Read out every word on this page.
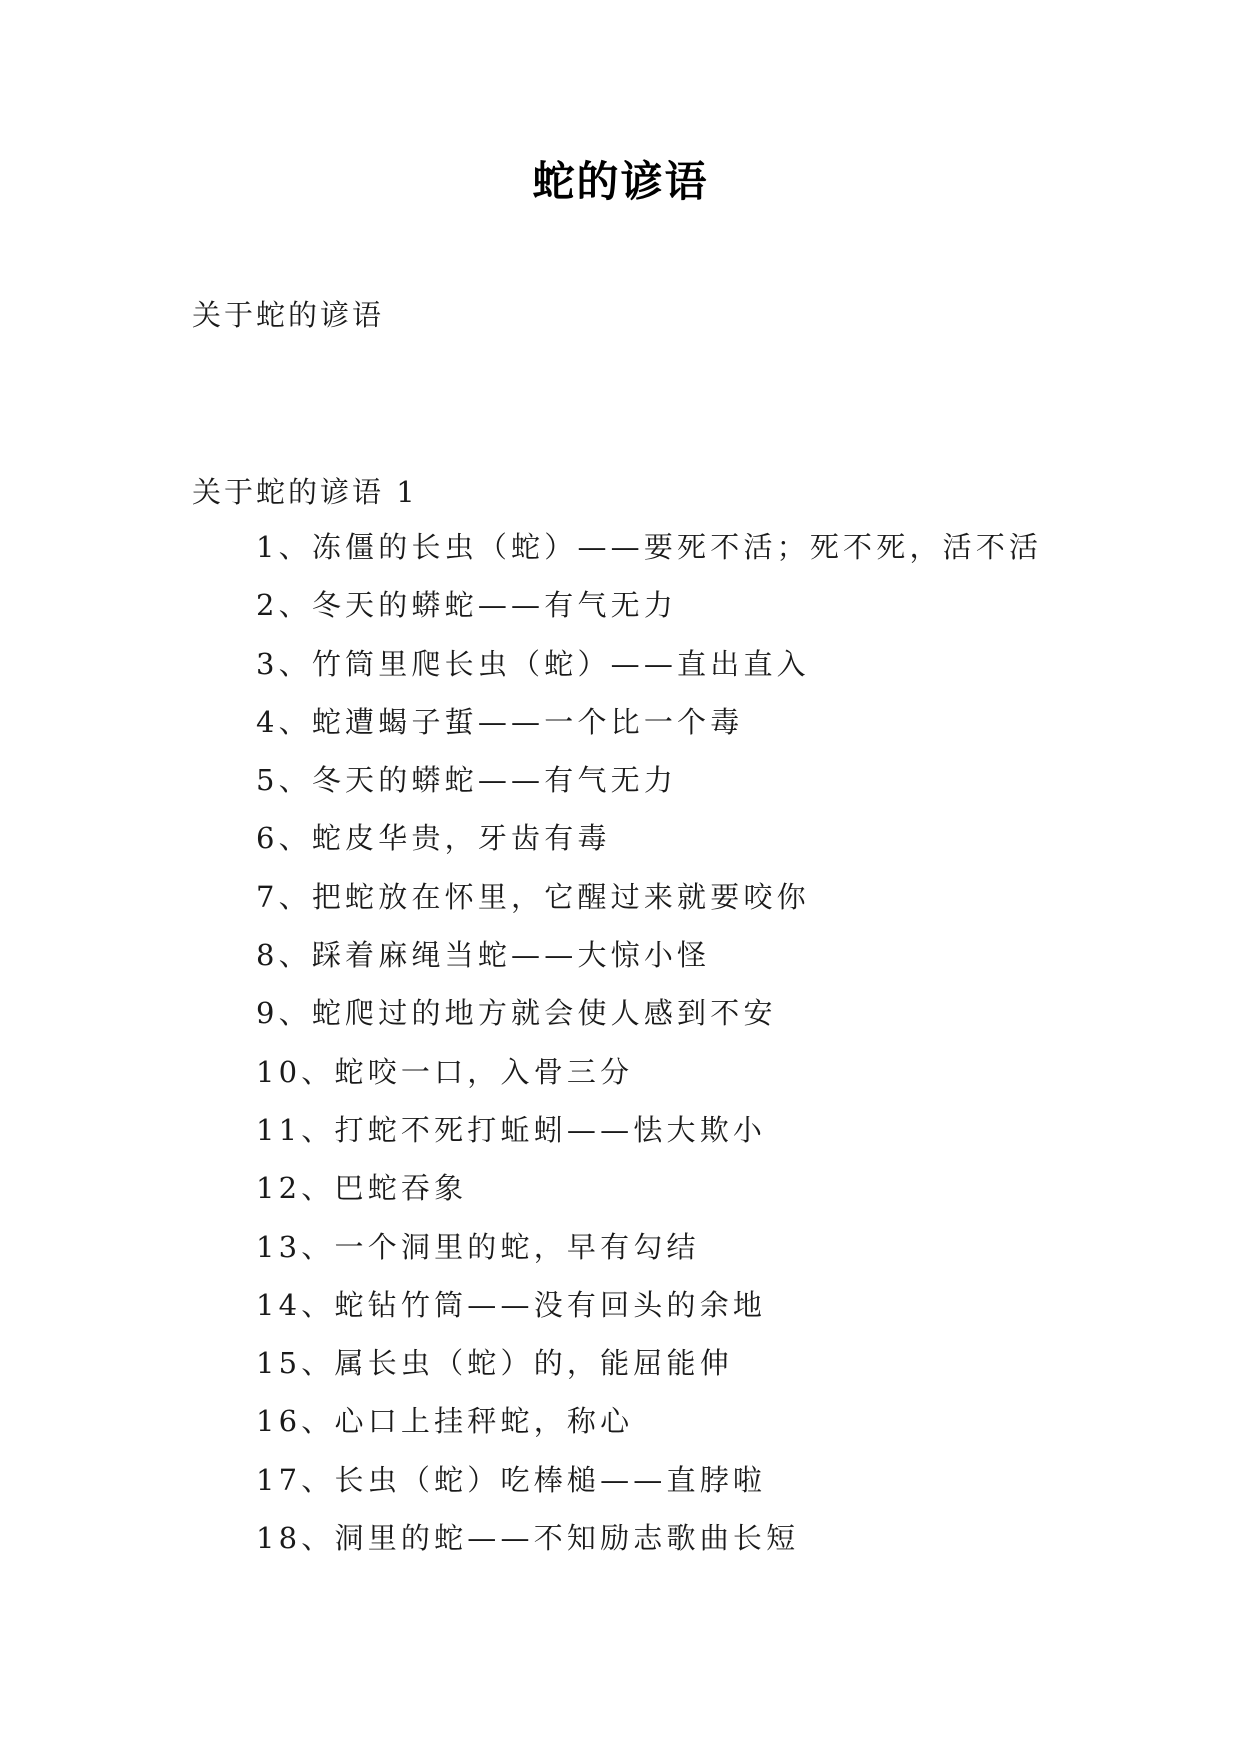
蛇的谚语
关于蛇的谚语
关于蛇的谚语 1
1、冻僵的长虫（蛇）——要死不活；死不死，活不活
2、冬天的蟒蛇——有气无力
3、竹筒里爬长虫（蛇）——直出直入
4、蛇遭蝎子蜇——一个比一个毒
5、冬天的蟒蛇——有气无力
6、蛇皮华贵，牙齿有毒
7、把蛇放在怀里，它醒过来就要咬你
8、踩着麻绳当蛇——大惊小怪
9、蛇爬过的地方就会使人感到不安
10、蛇咬一口，入骨三分
11、打蛇不死打蚯蚓——怯大欺小
12、巴蛇吞象
13、一个洞里的蛇，早有勾结
14、蛇钻竹筒——没有回头的余地
15、属长虫（蛇）的，能屈能伸
16、心口上挂秤蛇，称心
17、长虫（蛇）吃棒槌——直脖啦
18、洞里的蛇——不知励志歌曲长短
